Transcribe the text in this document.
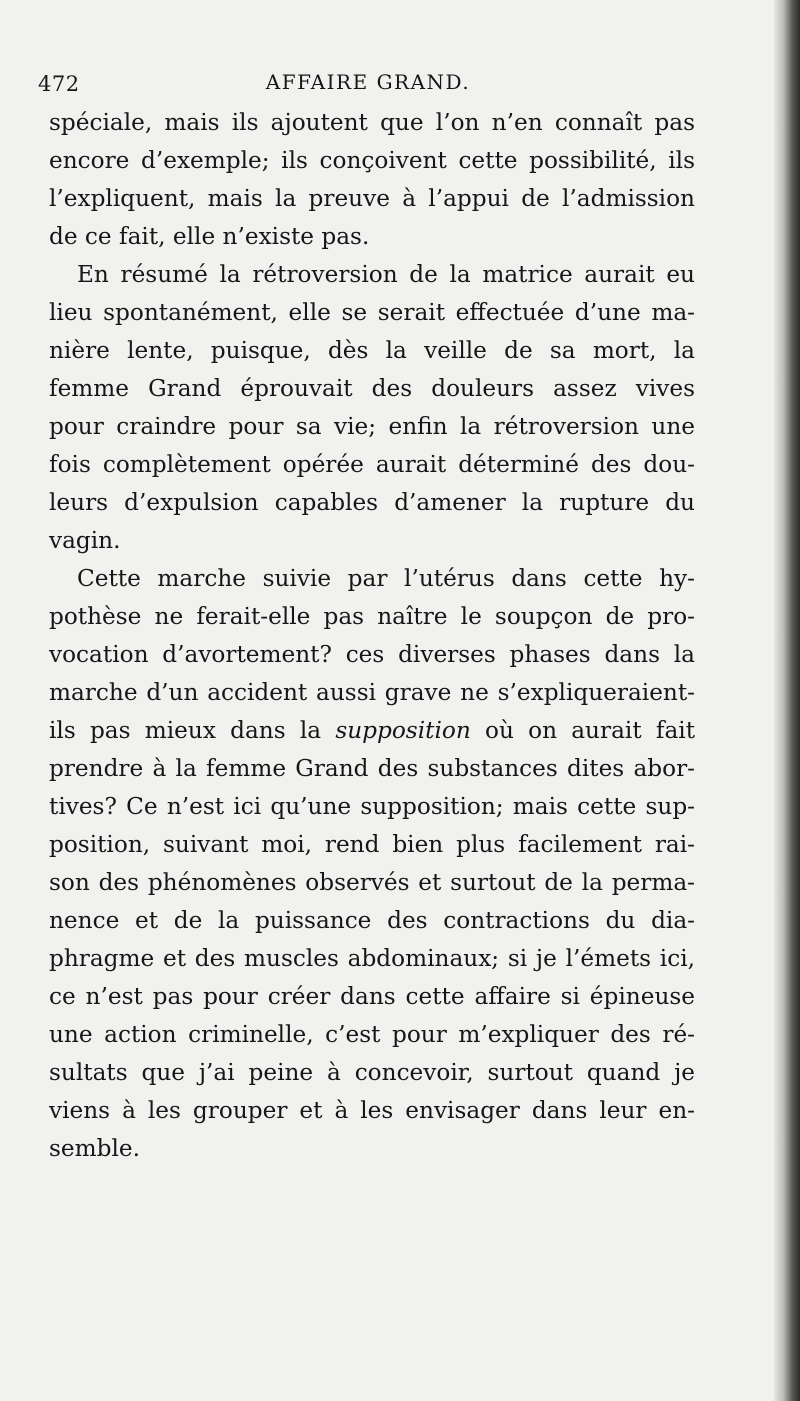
472	AFFAIRE GRAND.
spéciale, mais ils ajoutent que l’on n’en connaît pas
encore d’exemple; ils conçoivent cette possibilité, ils
l’expliquent, mais la preuve à l’appui de l’admission
de ce fait, elle n’existe pas.
En résumé la rétroversion de la matrice aurait eu
lieu spontanément, elle se serait effectuée d’une ma-
nière lente, puisque, dès la veille de sa mort, la
femme Grand éprouvait des douleurs assez vives
pour craindre pour sa vie; enfin la rétroversion une
fois complètement opérée aurait déterminé des dou-
leurs d’expulsion capables d’amener la rupture du
vagin.
Cette marche suivie par l’utérus dans cette hy-
pothèse ne ferait-elle pas naître le soupçon de pro-
vocation d’avortement? ces diverses phases dans la
marche d’un accident aussi grave ne s’expliqueraient-
ils pas mieux dans la supposition où on aurait fait
prendre à la femme Grand des substances dites abor-
tives? Ce n’est ici qu’une supposition; mais cette sup-
position, suivant moi, rend bien plus facilement rai-
son des phénomènes observés et surtout de la perma-
nence et de la puissance des contractions du dia-
phragme et des muscles abdominaux; si je l’émets ici,
ce n’est pas pour créer dans cette affaire si épineuse
une action criminelle, c’est pour m’expliquer des ré-
sultats que j’ai peine à concevoir, surtout quand je
viens à les grouper et à les envisager dans leur en-
semble.
